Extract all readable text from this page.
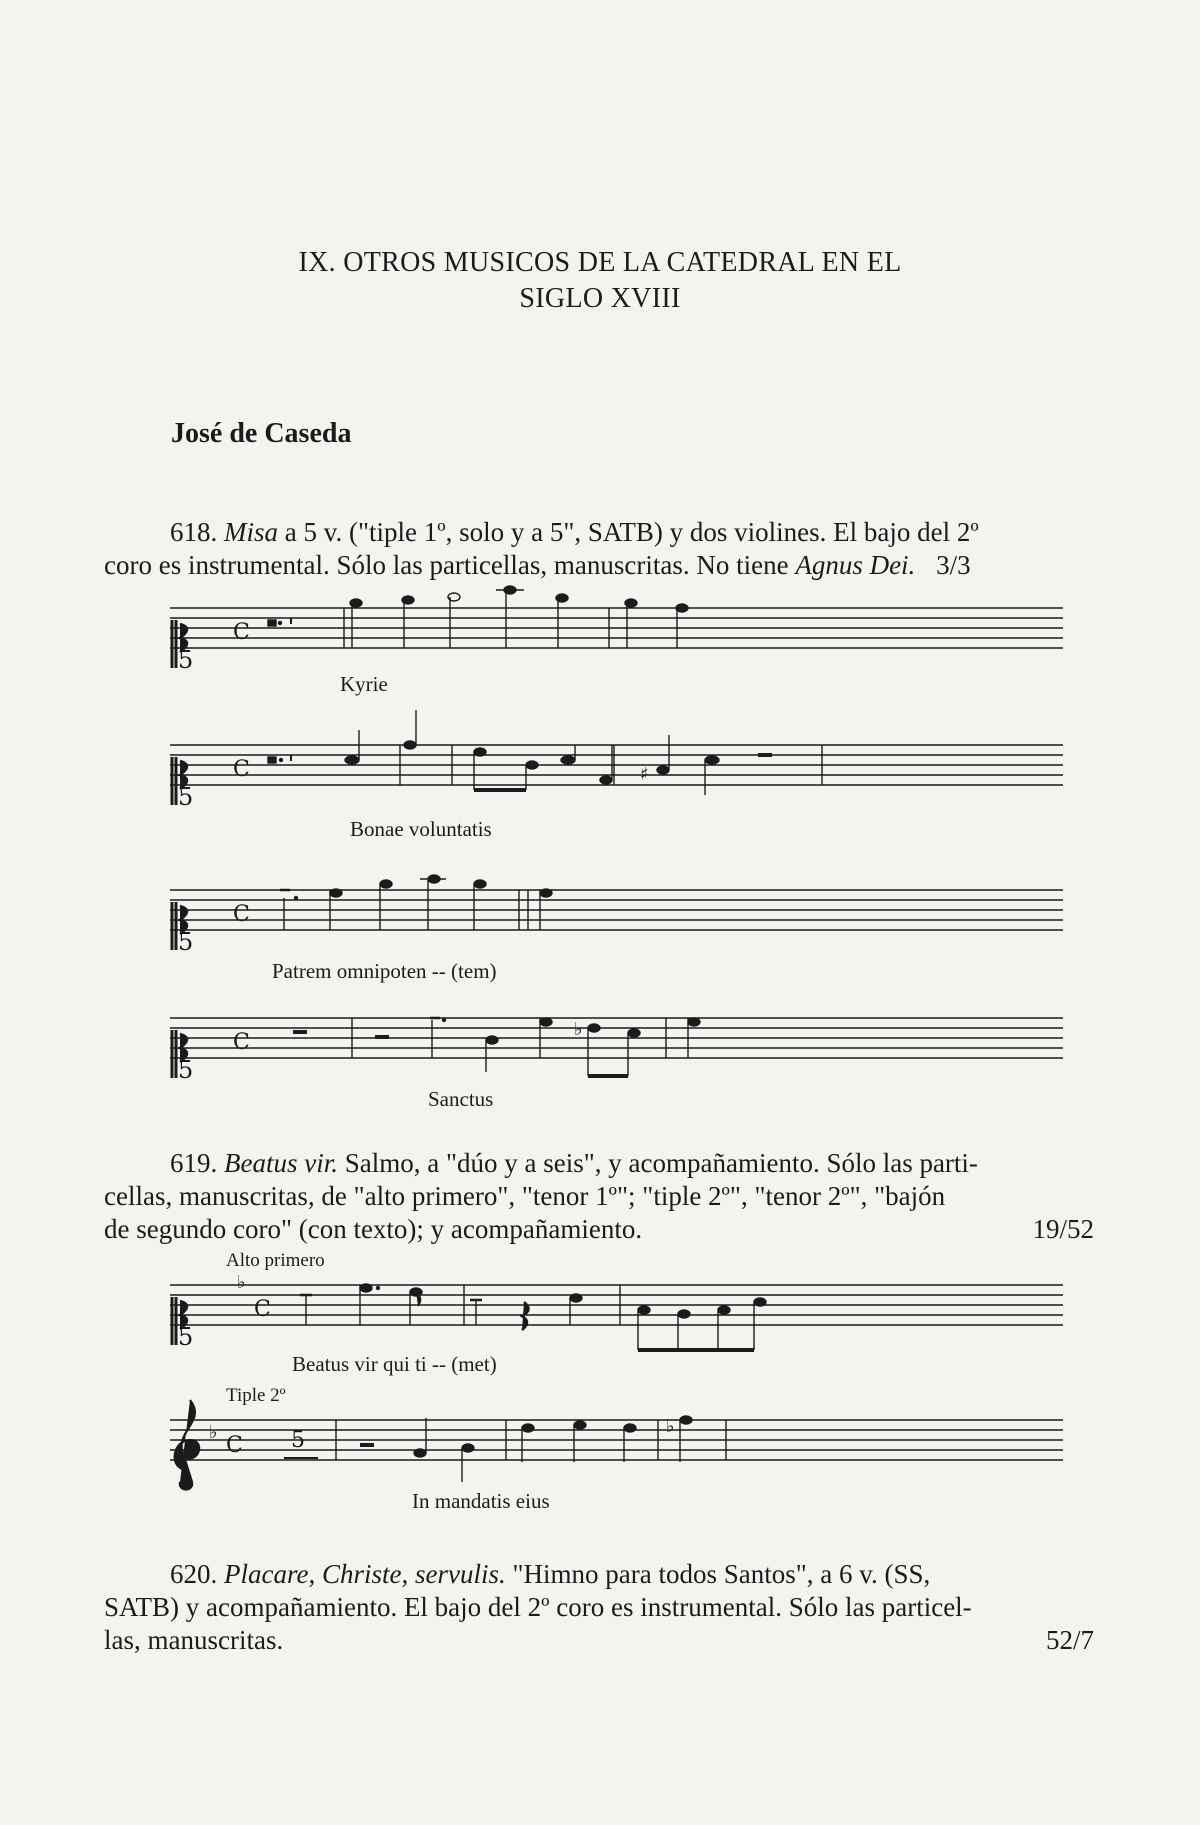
IX. OTROS MUSICOS DE LA CATEDRAL EN EL
SIGLO XVIII
José de Caseda
618. Misa a 5 v. ("tiple 1º, solo y a 5", SATB) y dos violines. El bajo del 2º
coro es instrumental. Sólo las particellas, manuscritas. No tiene Agnus Dei. 3/3
619. Beatus vir. Salmo, a "dúo y a seis", y acompañamiento. Sólo las parti-
cellas, manuscritas, de "alto primero", "tenor 1º"; "tiple 2º", "tenor 2º", "bajón
de segundo coro" (con texto); y acompañamiento.	19/52
620. Placare, Christe, servulis. "Himno para todos Santos", a 6 v. (SS,
SATB) y acompañamiento. El bajo del 2º coro es instrumental. Sólo las particel-
las, manuscritas.	52/7
Kyrie
Bonae voluntatis
Patrem omnipoten -- (tem)
Sanctus
Alto primero
Beatus vir qui ti -- (met)
Tiple 2º
In mandatis eius
5
C
5
C	♯
5
C
5
C
♭
5
♭
C
♭
C 5
♭
